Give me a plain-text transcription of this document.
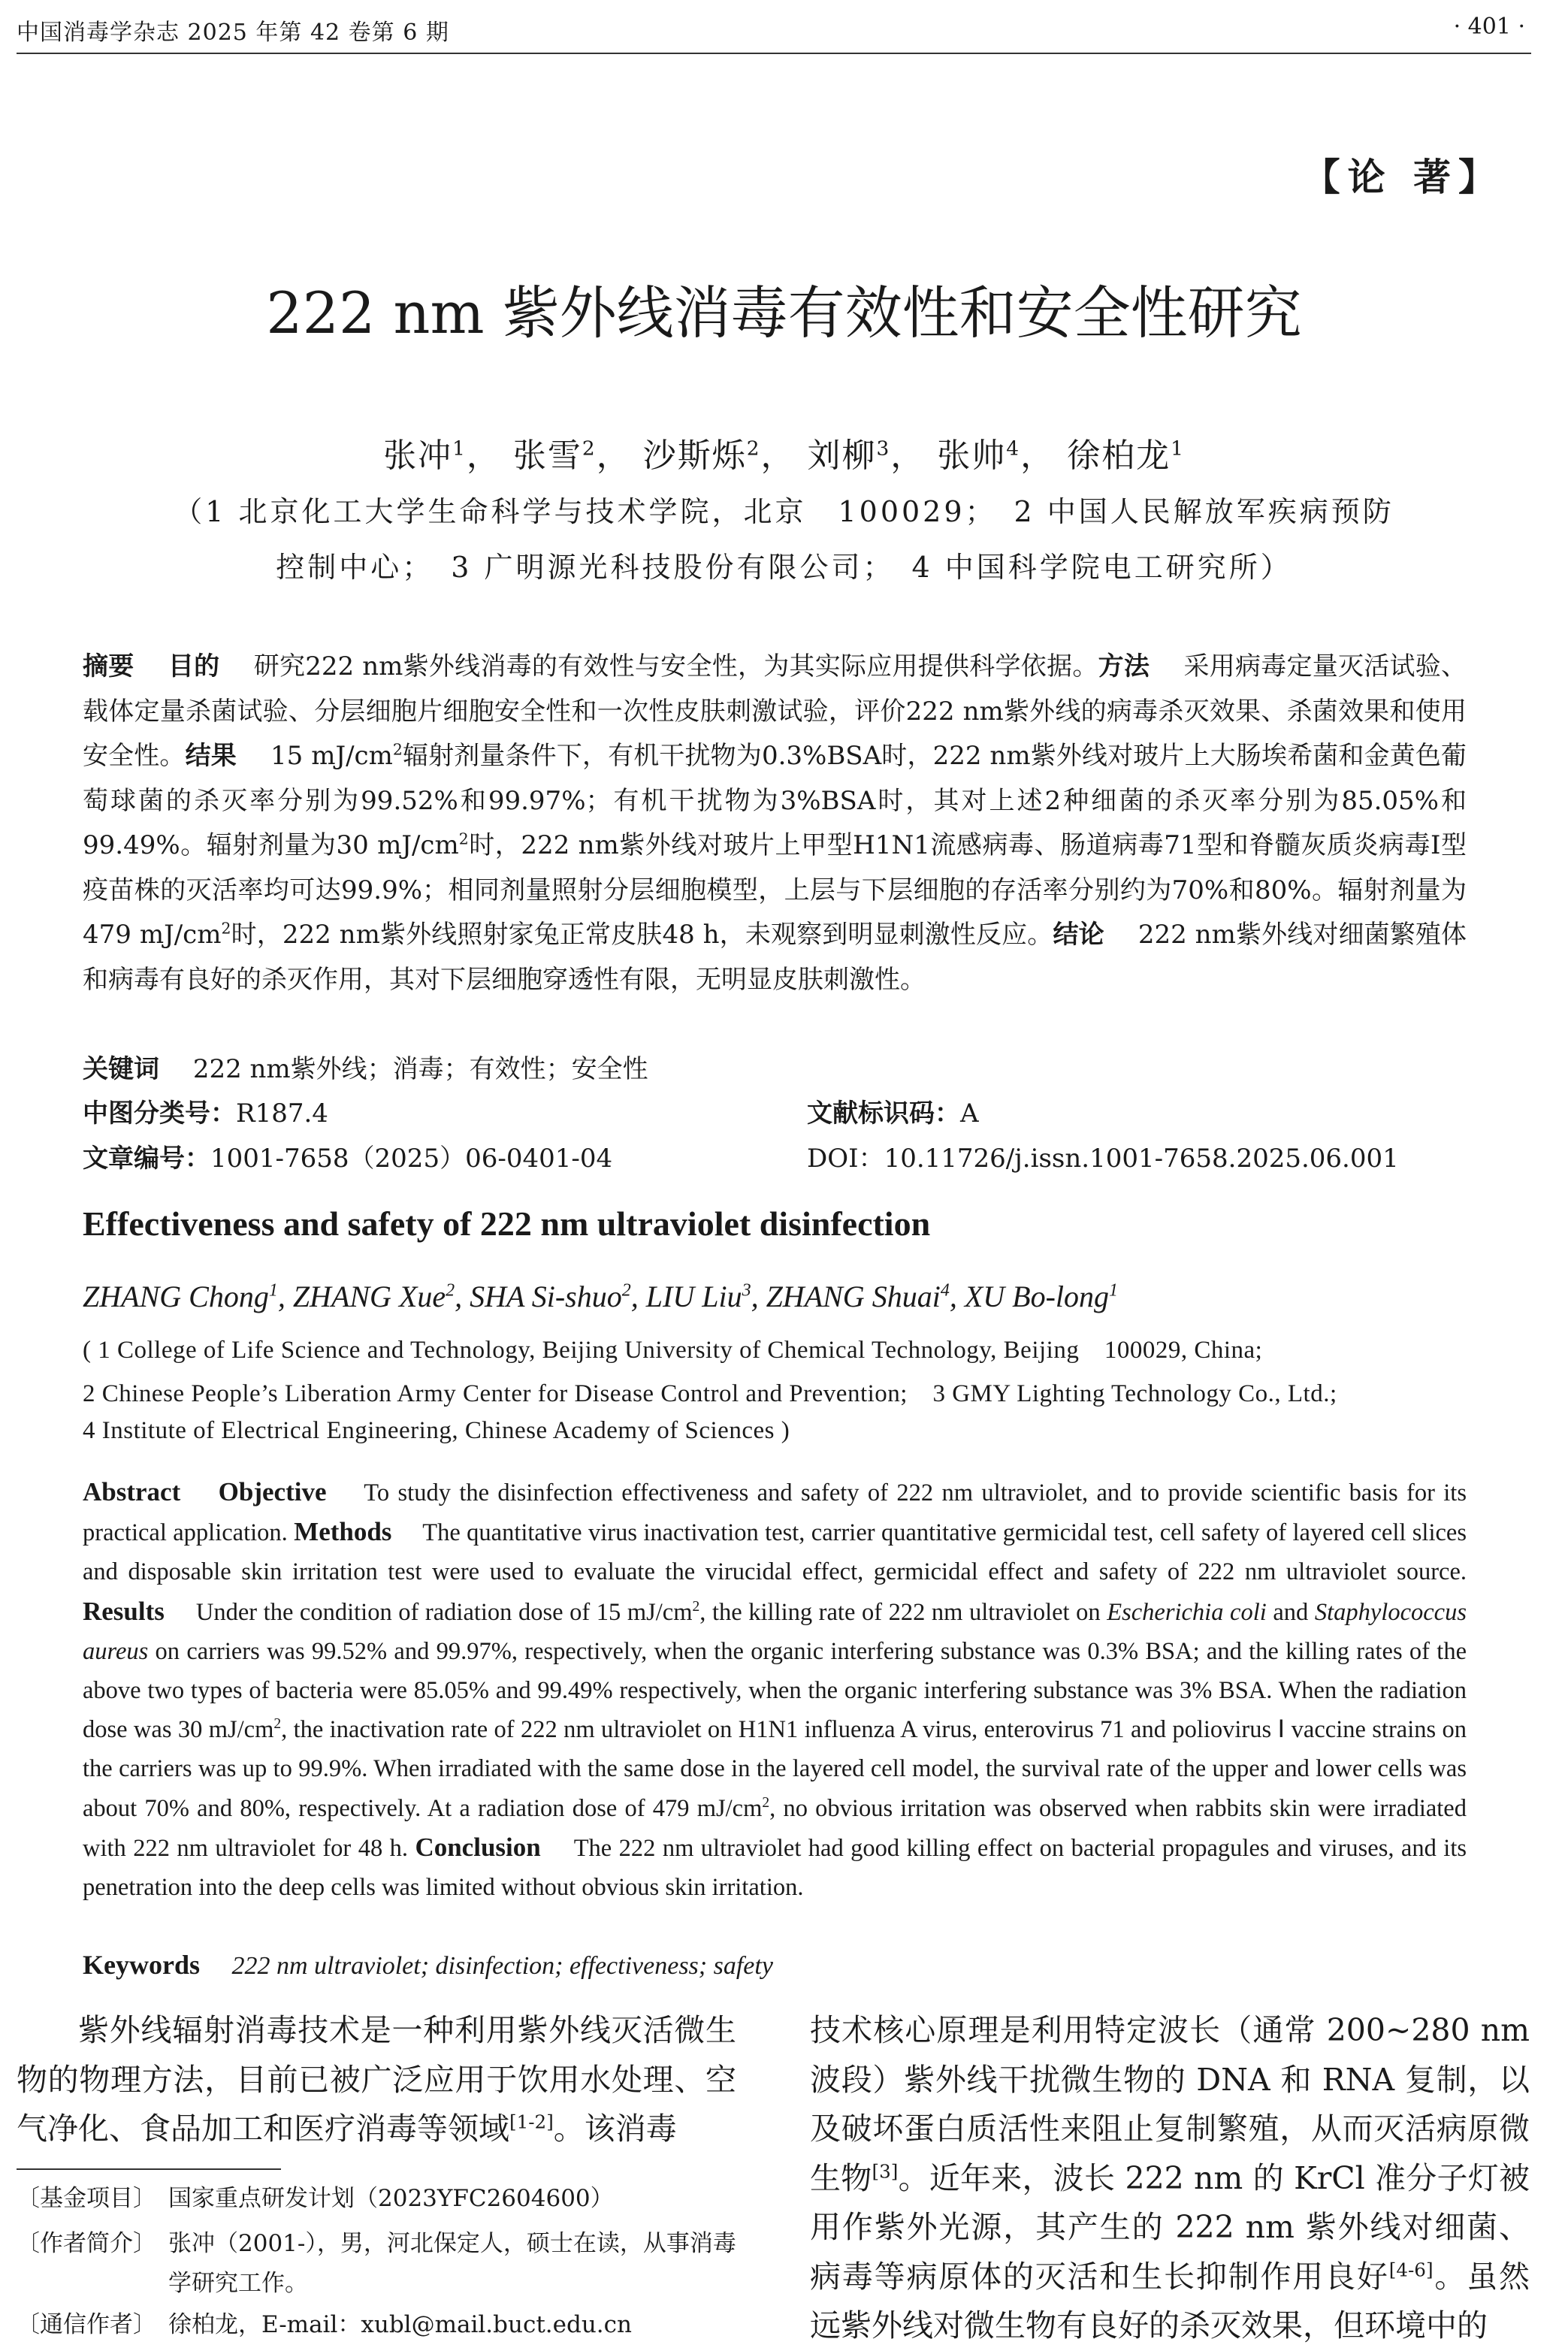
中国消毒学杂志 2025 年第 42 卷第 6 期	· 401 ·
【论 著】
222 nm 紫外线消毒有效性和安全性研究
张冲$^1$， 张雪$^2$， 沙斯烁$^2$， 刘柳$^3$， 张帅$^4$， 徐柏龙$^1$
（1 北京化工大学生命科学与技术学院，北京　100029；　2 中国人民解放军疾病预防
控制中心；　3 广明源光科技股份有限公司；　4 中国科学院电工研究所）
摘要　 目的　 研究222 nm紫外线消毒的有效性与安全性，为其实际应用提供科学依据。方法　 采用病毒定量灭活试验、载体定量杀菌试验、分层细胞片细胞安全性和一次性皮肤刺激试验，评价222 nm紫外线的病毒杀灭效果、杀菌效果和使用安全性。结果　 15 $mJ/cm^2$辐射剂量条件下，有机干扰物为0.3%BSA时，222 nm紫外线对玻片上大肠埃希菌和金黄色葡萄球菌的杀灭率分别为99.52%和99.97%；有机干扰物为3%BSA时，其对上述2种细菌的杀灭率分别为85.05%和99.49%。辐射剂量为30 $mJ/cm^2$时，222 nm紫外线对玻片上甲型H1N1流感病毒、肠道病毒71型和脊髓灰质炎病毒Ⅰ型疫苗株的灭活率均可达99.9%；相同剂量照射分层细胞模型，上层与下层细胞的存活率分别约为70%和80%。辐射剂量为479 $mJ/cm^2$时，222 nm紫外线照射家兔正常皮肤48 h，未观察到明显刺激性反应。结论　 222 nm紫外线对细菌繁殖体和病毒有良好的杀灭作用，其对下层细胞穿透性有限，无明显皮肤刺激性。
关键词　 222 nm紫外线；消毒；有效性；安全性
中图分类号：R187.4	文献标识码：A
文章编号：1001-7658（2025）06-0401-04	DOI：10.11726/j.issn.1001-7658.2025.06.001
Effectiveness and safety of 222 nm ultraviolet disinfection
ZHANG Chong$^1$, ZHANG Xue$^2$, SHA Si-shuo$^2$, LIU Liu$^3$, ZHANG Shuai$^4$, XU Bo-long$^1$
( 1 College of Life Science and Technology, Beijing University of Chemical Technology, Beijing　100029, China;
2 Chinese People’s Liberation Army Center for Disease Control and Prevention;　3 GMY Lighting Technology Co., Ltd.;
4 Institute of Electrical Engineering, Chinese Academy of Sciences )
Abstract　 Objective　 To study the disinfection effectiveness and safety of 222 nm ultraviolet, and to provide scientific basis for its practical application. Methods　 The quantitative virus inactivation test, carrier quantitative germicidal test, cell safety of layered cell slices and disposable skin irritation test were used to evaluate the virucidal effect, germicidal effect and safety of 222 nm ultraviolet source. Results　 Under the condition of radiation dose of 15 $mJ/cm^2$, the killing rate of 222 nm ultraviolet on Escherichia coli and Staphylococcus aureus on carriers was 99.52% and 99.97%, respectively, when the organic interfering substance was 0.3% BSA; and the killing rates of the above two types of bacteria were 85.05% and 99.49% respectively, when the organic interfering substance was 3% BSA. When the radiation dose was 30 $mJ/cm^2$, the inactivation rate of 222 nm ultraviolet on H1N1 influenza A virus, enterovirus 71 and poliovirus Ⅰ vaccine strains on the carriers was up to 99.9%. When irradiated with the same dose in the layered cell model, the survival rate of the upper and lower cells was about 70% and 80%, respectively. At a radiation dose of 479 $mJ/cm^2$, no obvious irritation was observed when rabbits skin were irradiated with 222 nm ultraviolet for 48 h. Conclusion　 The 222 nm ultraviolet had good killing effect on bacterial propagules and viruses, and its penetration into the deep cells was limited without obvious skin irritation.
Keywords　 222 nm ultraviolet; disinfection; effectiveness; safety
紫外线辐射消毒技术是一种利用紫外线灭活微生物的物理方法，目前已被广泛应用于饮用水处理、空气净化、食品加工和医疗消毒等领域[1-2]。该消毒
技术核心原理是利用特定波长（通常 200~280 nm 波段）紫外线干扰微生物的 DNA 和 RNA 复制，以及破坏蛋白质活性来阻止复制繁殖，从而灭活病原微生物[3]。近年来，波长 222 nm 的 KrCl 准分子灯被用作紫外光源，其产生的 222 nm 紫外线对细菌、病毒等病原体的灭活和生长抑制作用良好[4-6]。虽然远紫外线对微生物有良好的杀灭效果，但环境中的
〔基金项目〕 国家重点研发计划（2023YFC2604600）
〔作者简介〕 张冲（2001-），男，河北保定人，硕士在读，从事消毒学研究工作。
〔通信作者〕 徐柏龙，E-mail：xubl@mail.buct.edu.cn
